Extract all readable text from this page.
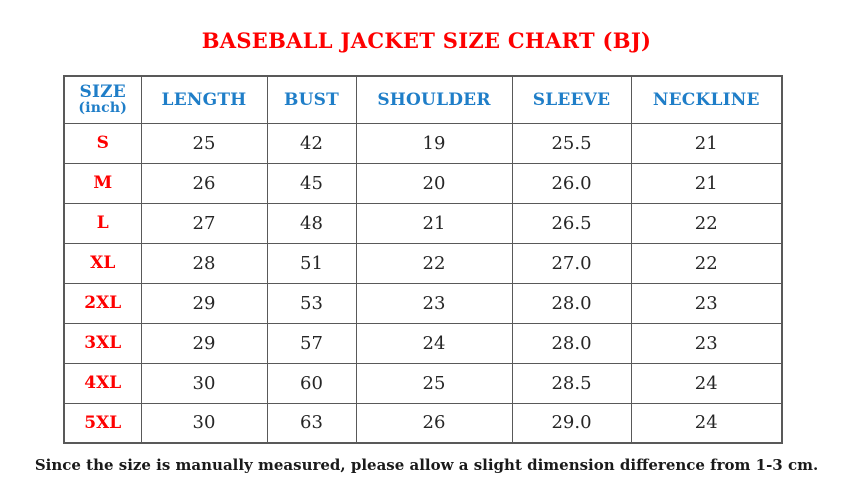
BASEBALL JACKET SIZE CHART (BJ)
SIZE
(inch)	LENGTH	BUST	SHOULDER	SLEEVE	NECKLINE
S	25	42	19	25.5	21
M	26	45	20	26.0	21
L	27	48	21	26.5	22
XL	28	51	22	27.0	22
2XL	29	53	23	28.0	23
3XL	29	57	24	28.0	23
4XL	30	60	25	28.5	24
5XL	30	63	26	29.0	24
Since the size is manually measured, please allow a slight dimension difference from 1-3 cm.
